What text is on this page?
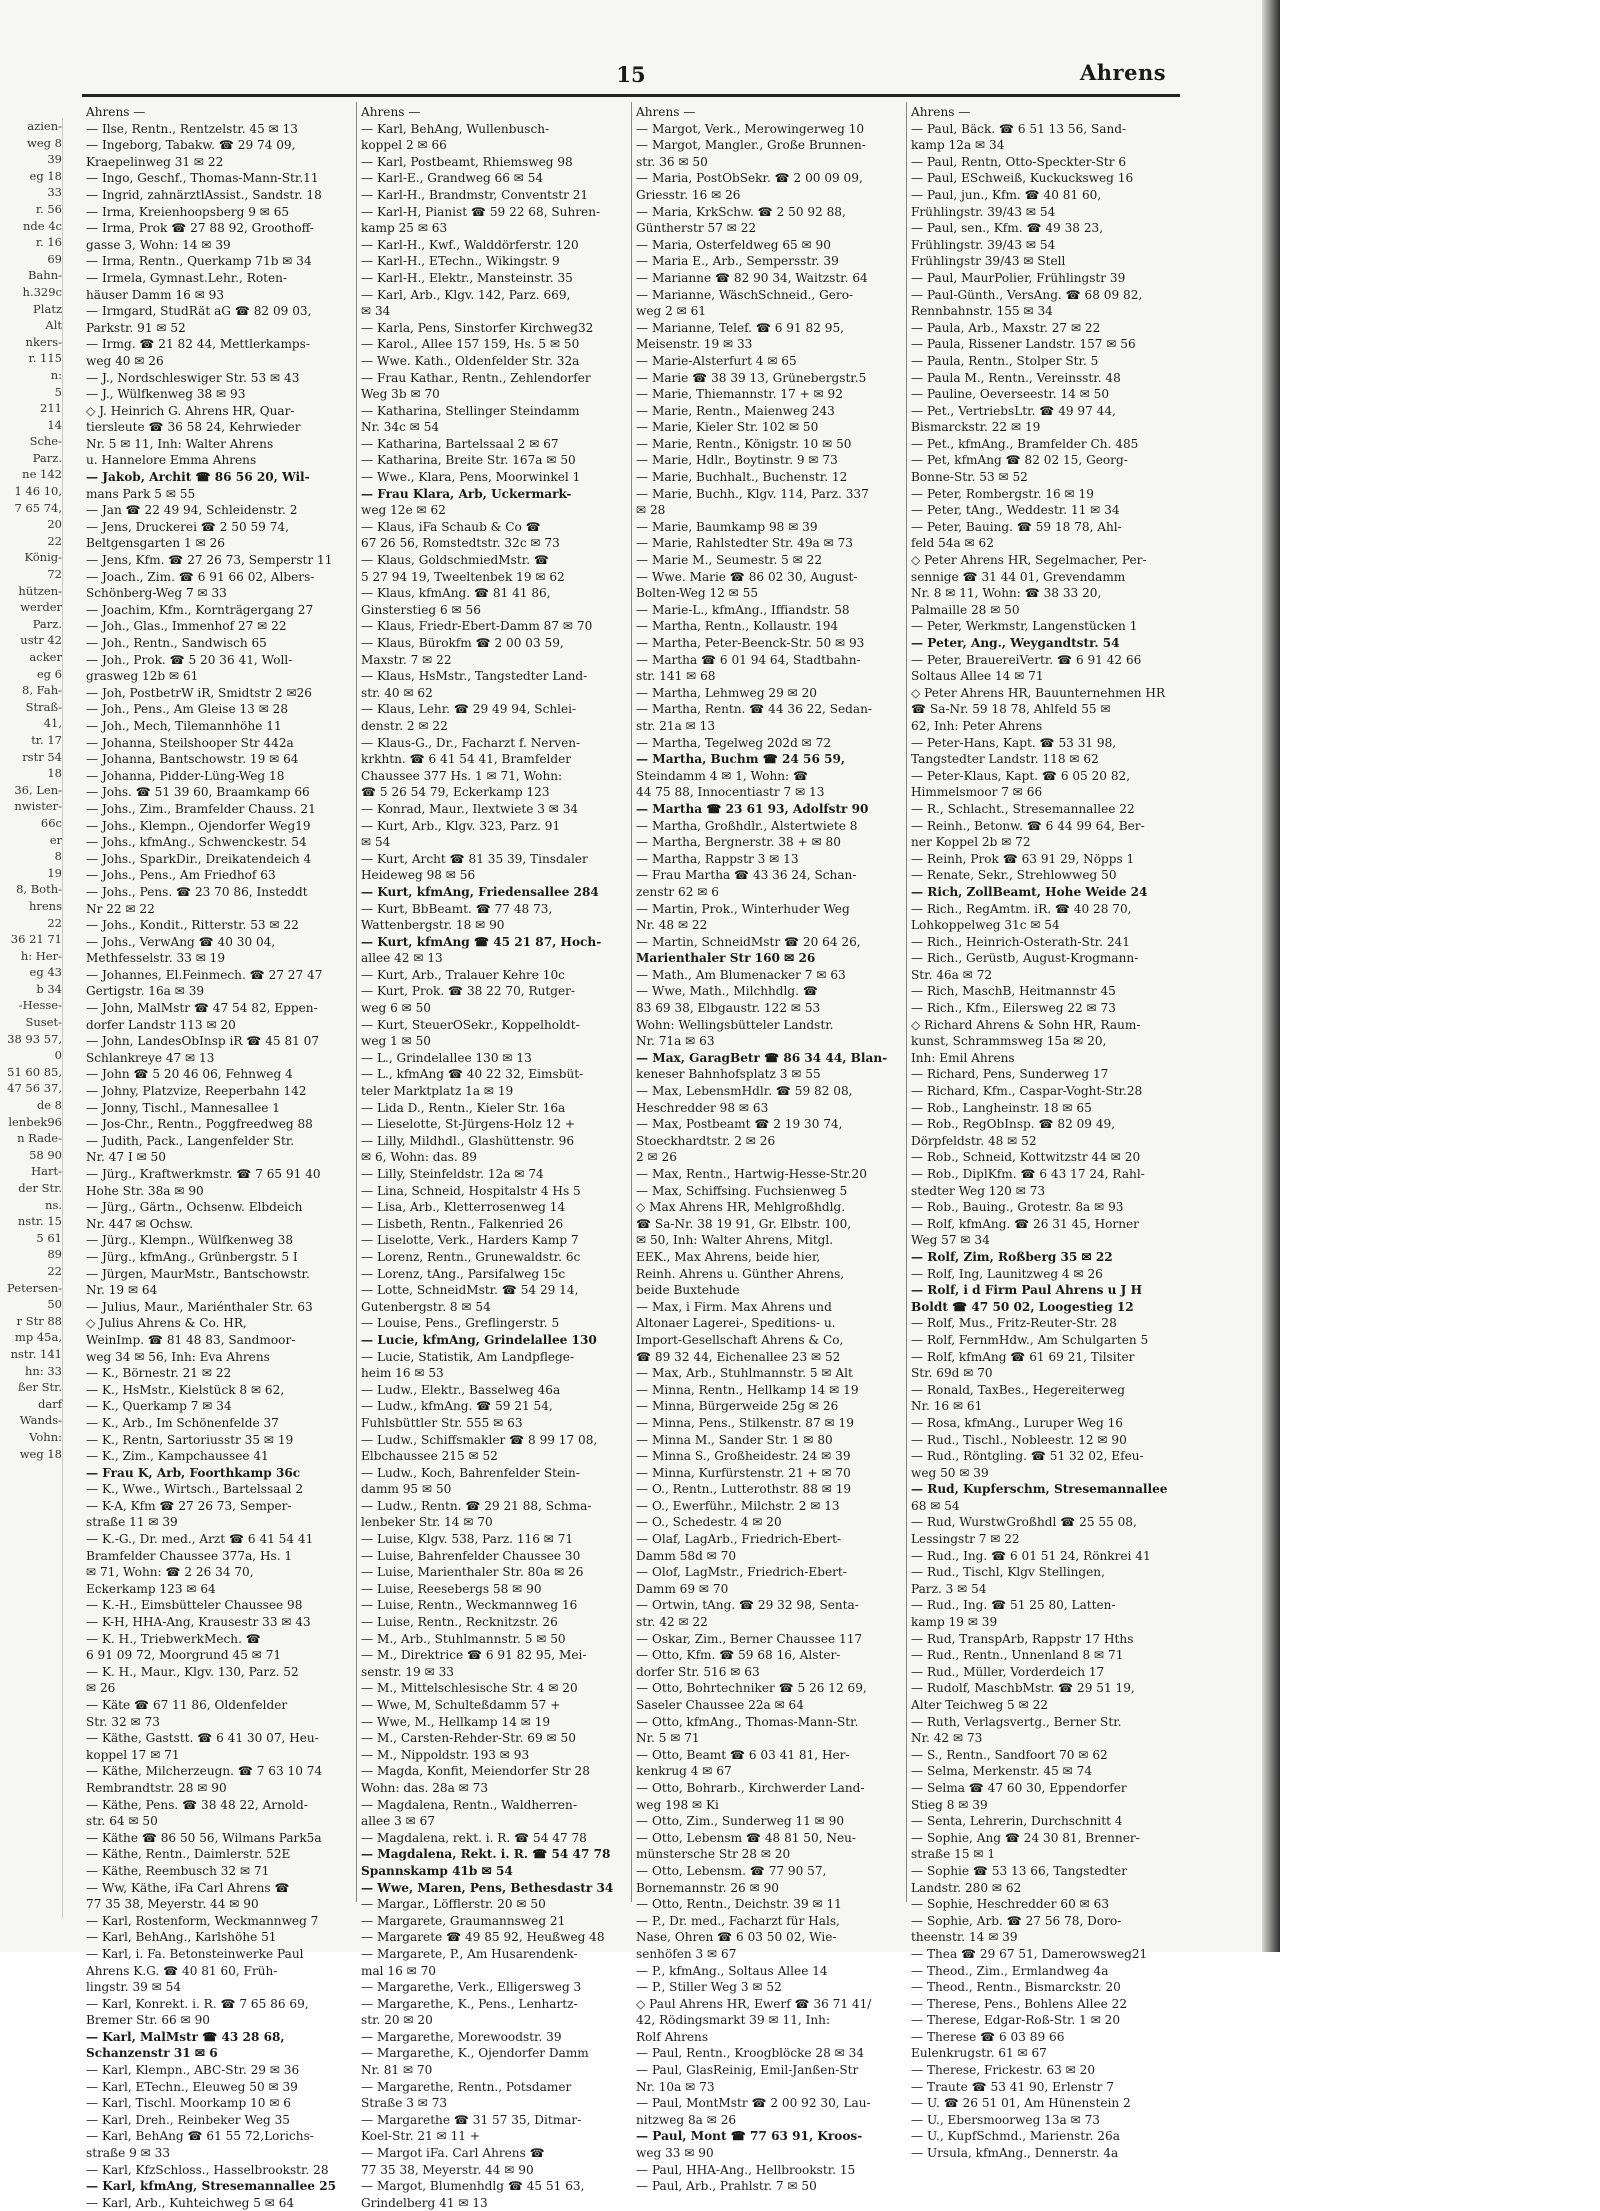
azien-
weg 8
39
eg 18
33
r. 56
nde 4c
r. 16
69
Bahn-
h.329c
Platz
Alt
nkers-
r. 115
n:
5
211
14
Sche-
Parz.
ne 142
1 46 10,
7 65 74,
20
22
König-
72
hützen-
werder
Parz.
ustr 42
acker
eg 6
8, Fah-
Straß-
41,
tr. 17
rstr 54
18
36, Len-
nwister-
66c
er
8
19
8, Both-
hrens
22
36 21 71
h: Her-
eg 43
b 34
-Hesse-
Suset-
38 93 57,
0
51 60 85,
47 56 37,
de 8
lenbek96
n Rade-
58 90
Hart-
der Str.
ns.
nstr. 15
5 61
89
22
Petersen-
50
r Str 88
mp 45a,
nstr. 141
hn: 33
ßer Str.
darf
Wands-
Vohn:
weg 18
15	Ahrens
Ahrens —
— Ilse, Rentn., Rentzelstr. 45 ✉ 13
— Ingeborg, Tabakw. ☎ 29 74 09,
Kraepelinweg 31 ✉ 22
— Ingo, Geschf., Thomas-Mann-Str.11
— Ingrid, zahnärztlAssist., Sandstr. 18
— Irma, Kreienhoopsberg 9 ✉ 65
— Irma, Prok ☎ 27 88 92, Groothoff-
gasse 3, Wohn: 14 ✉ 39
— Irma, Rentn., Querkamp 71b ✉ 34
— Irmela, Gymnast.Lehr., Roten-
häuser Damm 16 ✉ 93
— Irmgard, StudRät aG ☎ 82 09 03,
Parkstr. 91 ✉ 52
— Irmg. ☎ 21 82 44, Mettlerkamps-
weg 40 ✉ 26
— J., Nordschleswiger Str. 53 ✉ 43
— J., Wülfkenweg 38 ✉ 93
◇ J. Heinrich G. Ahrens HR, Quar-
tiersleute ☎ 36 58 24, Kehrwieder
Nr. 5 ✉ 11, Inh: Walter Ahrens
u. Hannelore Emma Ahrens
— Jakob, Archit ☎ 86 56 20, Wil-
mans Park 5 ✉ 55
— Jan ☎ 22 49 94, Schleidenstr. 2
— Jens, Druckerei ☎ 2 50 59 74,
Beltgensgarten 1 ✉ 26
— Jens, Kfm. ☎ 27 26 73, Semperstr 11
— Joach., Zim. ☎ 6 91 66 02, Albers-
Schönberg-Weg 7 ✉ 33
— Joachim, Kfm., Kornträgergang 27
— Joh., Glas., Immenhof 27 ✉ 22
— Joh., Rentn., Sandwisch 65
— Joh., Prok. ☎ 5 20 36 41, Woll-
grasweg 12b ✉ 61
— Joh, PostbetrW iR, Smidtstr 2 ✉26
— Joh., Pens., Am Gleise 13 ✉ 28
— Joh., Mech, Tilemannhöhe 11
— Johanna, Steilshooper Str 442a
— Johanna, Bantschowstr. 19 ✉ 64
— Johanna, Pidder-Lüng-Weg 18
— Johs. ☎ 51 39 60, Braamkamp 66
— Johs., Zim., Bramfelder Chauss. 21
— Johs., Klempn., Ojendorfer Weg19
— Johs., kfmAng., Schwenckestr. 54
— Johs., SparkDir., Dreikatendeich 4
— Johs., Pens., Am Friedhof 63
— Johs., Pens. ☎ 23 70 86, Insteddt
Nr 22 ✉ 22
— Johs., Kondit., Ritterstr. 53 ✉ 22
— Johs., VerwAng ☎ 40 30 04,
Methfesselstr. 33 ✉ 19
— Johannes, El.Feinmech. ☎ 27 27 47
Gertigstr. 16a ✉ 39
— John, MalMstr ☎ 47 54 82, Eppen-
dorfer Landstr 113 ✉ 20
— John, LandesObInsp iR ☎ 45 81 07
Schlankreye 47 ✉ 13
— John ☎ 5 20 46 06, Fehnweg 4
— Johny, Platzvize, Reeperbahn 142
— Jonny, Tischl., Mannesallee 1
— Jos-Chr., Rentn., Poggfreedweg 88
— Judith, Pack., Langenfelder Str.
Nr. 47 I ✉ 50
— Jürg., Kraftwerkmstr. ☎ 7 65 91 40
Hohe Str. 38a ✉ 90
— Jürg., Gärtn., Ochsenw. Elbdeich
Nr. 447 ✉ Ochsw.
— Jürg., Klempn., Wülfkenweg 38
— Jürg., kfmAng., Grünbergstr. 5 I
— Jürgen, MaurMstr., Bantschowstr.
Nr. 19 ✉ 64
— Julius, Maur., Mariénthaler Str. 63
◇ Julius Ahrens & Co. HR,
WeinImp. ☎ 81 48 83, Sandmoor-
weg 34 ✉ 56, Inh: Eva Ahrens
— K., Börnestr. 21 ✉ 22
— K., HsMstr., Kielstück 8 ✉ 62,
— K., Querkamp 7 ✉ 34
— K., Arb., Im Schönenfelde 37
— K., Rentn, Sartoriusstr 35 ✉ 19
— K., Zim., Kampchaussee 41
— Frau K, Arb, Foorthkamp 36c
— K., Wwe., Wirtsch., Bartelssaal 2
— K-A, Kfm ☎ 27 26 73, Semper-
straße 11 ✉ 39
— K.-G., Dr. med., Arzt ☎ 6 41 54 41
Bramfelder Chaussee 377a, Hs. 1
✉ 71, Wohn: ☎ 2 26 34 70,
Eckerkamp 123 ✉ 64
— K.-H., Eimsbütteler Chaussee 98
— K-H, HHA-Ang, Krausestr 33 ✉ 43
— K. H., TriebwerkMech. ☎
6 91 09 72, Moorgrund 45 ✉ 71
— K. H., Maur., Klgv. 130, Parz. 52
✉ 26
— Käte ☎ 67 11 86, Oldenfelder
Str. 32 ✉ 73
— Käthe, Gaststt. ☎ 6 41 30 07, Heu-
koppel 17 ✉ 71
— Käthe, Milcherzeugn. ☎ 7 63 10 74
Rembrandtstr. 28 ✉ 90
— Käthe, Pens. ☎ 38 48 22, Arnold-
str. 64 ✉ 50
— Käthe ☎ 86 50 56, Wilmans Park5a
— Käthe, Rentn., Daimlerstr. 52E
— Käthe, Reembusch 32 ✉ 71
— Ww, Käthe, iFa Carl Ahrens ☎
77 35 38, Meyerstr. 44 ✉ 90
— Karl, Rostenform, Weckmannweg 7
— Karl, BehAng., Karlshöhe 51
— Karl, i. Fa. Betonsteinwerke Paul
Ahrens K.G. ☎ 40 81 60, Früh-
lingstr. 39 ✉ 54
— Karl, Konrekt. i. R. ☎ 7 65 86 69,
Bremer Str. 66 ✉ 90
— Karl, MalMstr ☎ 43 28 68,
Schanzenstr 31 ✉ 6
— Karl, Klempn., ABC-Str. 29 ✉ 36
— Karl, ETechn., Eleuweg 50 ✉ 39
— Karl, Tischl. Moorkamp 10 ✉ 6
— Karl, Dreh., Reinbeker Weg 35
— Karl, BehAng ☎ 61 55 72,Lorichs-
straße 9 ✉ 33
— Karl, KfzSchloss., Hasselbrookstr. 28
— Karl, kfmAng, Stresemannallee 25
— Karl, Arb., Kuhteichweg 5 ✉ 64
Ahrens —
— Karl, BehAng, Wullenbusch-
koppel 2 ✉ 66
— Karl, Postbeamt, Rhiemsweg 98
— Karl-E., Grandweg 66 ✉ 54
— Karl-H., Brandmstr, Conventstr 21
— Karl-H, Pianist ☎ 59 22 68, Suhren-
kamp 25 ✉ 63
— Karl-H., Kwf., Walddörferstr. 120
— Karl-H., ETechn., Wikingstr. 9
— Karl-H., Elektr., Mansteinstr. 35
— Karl, Arb., Klgv. 142, Parz. 669,
✉ 34
— Karla, Pens, Sinstorfer Kirchweg32
— Karol., Allee 157 159, Hs. 5 ✉ 50
— Wwe. Kath., Oldenfelder Str. 32a
— Frau Kathar., Rentn., Zehlendorfer
Weg 3b ✉ 70
— Katharina, Stellinger Steindamm
Nr. 34c ✉ 54
— Katharina, Bartelssaal 2 ✉ 67
— Katharina, Breite Str. 167a ✉ 50
— Wwe., Klara, Pens, Moorwinkel 1
— Frau Klara, Arb, Uckermark-
weg 12e ✉ 62
— Klaus, iFa Schaub & Co ☎
67 26 56, Romstedtstr. 32c ✉ 73
— Klaus, GoldschmiedMstr. ☎
5 27 94 19, Tweeltenbek 19 ✉ 62
— Klaus, kfmAng. ☎ 81 41 86,
Ginsterstieg 6 ✉ 56
— Klaus, Friedr-Ebert-Damm 87 ✉ 70
— Klaus, Bürokfm ☎ 2 00 03 59,
Maxstr. 7 ✉ 22
— Klaus, HsMstr., Tangstedter Land-
str. 40 ✉ 62
— Klaus, Lehr. ☎ 29 49 94, Schlei-
denstr. 2 ✉ 22
— Klaus-G., Dr., Facharzt f. Nerven-
krkhtn. ☎ 6 41 54 41, Bramfelder
Chaussee 377 Hs. 1 ✉ 71, Wohn:
☎ 5 26 54 79, Eckerkamp 123
— Konrad, Maur., Ilextwiete 3 ✉ 34
— Kurt, Arb., Klgv. 323, Parz. 91
✉ 54
— Kurt, Archt ☎ 81 35 39, Tinsdaler
Heideweg 98 ✉ 56
— Kurt, kfmAng, Friedensallee 284
— Kurt, BbBeamt. ☎ 77 48 73,
Wattenbergstr. 18 ✉ 90
— Kurt, kfmAng ☎ 45 21 87, Hoch-
allee 42 ✉ 13
— Kurt, Arb., Tralauer Kehre 10c
— Kurt, Prok. ☎ 38 22 70, Rutger-
weg 6 ✉ 50
— Kurt, SteuerOSekr., Koppelholdt-
weg 1 ✉ 50
— L., Grindelallee 130 ✉ 13
— L., kfmAng ☎ 40 22 32, Eimsbüt-
teler Marktplatz 1a ✉ 19
— Lida D., Rentn., Kieler Str. 16a
— Lieselotte, St-Jürgens-Holz 12 +
— Lilly, Mildhdl., Glashüttenstr. 96
✉ 6, Wohn: das. 89
— Lilly, Steinfeldstr. 12a ✉ 74
— Lina, Schneid, Hospitalstr 4 Hs 5
— Lisa, Arb., Kletterrosenweg 14
— Lisbeth, Rentn., Falkenried 26
— Liselotte, Verk., Harders Kamp 7
— Lorenz, Rentn., Grunewaldstr. 6c
— Lorenz, tAng., Parsifalweg 15c
— Lotte, SchneidMstr. ☎ 54 29 14,
Gutenbergstr. 8 ✉ 54
— Louise, Pens., Greflingerstr. 5
— Lucie, kfmAng, Grindelallee 130
— Lucie, Statistik, Am Landpflege-
heim 16 ✉ 53
— Ludw., Elektr., Basselweg 46a
— Ludw., kfmAng. ☎ 59 21 54,
Fuhlsbüttler Str. 555 ✉ 63
— Ludw., Schiffsmakler ☎ 8 99 17 08,
Elbchaussee 215 ✉ 52
— Ludw., Koch, Bahrenfelder Stein-
damm 95 ✉ 50
— Ludw., Rentn. ☎ 29 21 88, Schma-
lenbeker Str. 14 ✉ 70
— Luise, Klgv. 538, Parz. 116 ✉ 71
— Luise, Bahrenfelder Chaussee 30
— Luise, Marienthaler Str. 80a ✉ 26
— Luise, Reesebergs 58 ✉ 90
— Luise, Rentn., Weckmannweg 16
— Luise, Rentn., Recknitzstr. 26
— M., Arb., Stuhlmannstr. 5 ✉ 50
— M., Direktrice ☎ 6 91 82 95, Mei-
senstr. 19 ✉ 33
— M., Mittelschlesische Str. 4 ✉ 20
— Wwe, M, Schulteßdamm 57 +
— Wwe, M., Hellkamp 14 ✉ 19
— M., Carsten-Rehder-Str. 69 ✉ 50
— M., Nippoldstr. 193 ✉ 93
— Magda, Konfit, Meiendorfer Str 28
Wohn: das. 28a ✉ 73
— Magdalena, Rentn., Waldherren-
allee 3 ✉ 67
— Magdalena, rekt. i. R. ☎ 54 47 78
— Magdalena, Rekt. i. R. ☎ 54 47 78
Spannskamp 41b ✉ 54
— Wwe, Maren, Pens, Bethesdastr 34
— Margar., Löfflerstr. 20 ✉ 50
— Margarete, Graumannsweg 21
— Margarete ☎ 49 85 92, Heußweg 48
— Margarete, P., Am Husarendenk-
mal 16 ✉ 70
— Margarethe, Verk., Elligersweg 3
— Margarethe, K., Pens., Lenhartz-
str. 20 ✉ 20
— Margarethe, Morewoodstr. 39
— Margarethe, K., Ojendorfer Damm
Nr. 81 ✉ 70
— Margarethe, Rentn., Potsdamer
Straße 3 ✉ 73
— Margarethe ☎ 31 57 35, Ditmar-
Koel-Str. 21 ✉ 11 +
— Margot iFa. Carl Ahrens ☎
77 35 38, Meyerstr. 44 ✉ 90
— Margot, Blumenhdlg ☎ 45 51 63,
Grindelberg 41 ✉ 13
Ahrens —
— Margot, Verk., Merowingerweg 10
— Margot, Mangler., Große Brunnen-
str. 36 ✉ 50
— Maria, PostObSekr. ☎ 2 00 09 09,
Griesstr. 16 ✉ 26
— Maria, KrkSchw. ☎ 2 50 92 88,
Güntherstr 57 ✉ 22
— Maria, Osterfeldweg 65 ✉ 90
— Maria E., Arb., Sempersstr. 39
— Marianne ☎ 82 90 34, Waitzstr. 64
— Marianne, WäschSchneid., Gero-
weg 2 ✉ 61
— Marianne, Telef. ☎ 6 91 82 95,
Meisenstr. 19 ✉ 33
— Marie-Alsterfurt 4 ✉ 65
— Marie ☎ 38 39 13, Grünebergstr.5
— Marie, Thiemannstr. 17 + ✉ 92
— Marie, Rentn., Maienweg 243
— Marie, Kieler Str. 102 ✉ 50
— Marie, Rentn., Königstr. 10 ✉ 50
— Marie, Hdlr., Boytinstr. 9 ✉ 73
— Marie, Buchhalt., Buchenstr. 12
— Marie, Buchh., Klgv. 114, Parz. 337
✉ 28
— Marie, Baumkamp 98 ✉ 39
— Marie, Rahlstedter Str. 49a ✉ 73
— Marie M., Seumestr. 5 ✉ 22
— Wwe. Marie ☎ 86 02 30, August-
Bolten-Weg 12 ✉ 55
— Marie-L., kfmAng., Iffiandstr. 58
— Martha, Rentn., Kollaustr. 194
— Martha, Peter-Beenck-Str. 50 ✉ 93
— Martha ☎ 6 01 94 64, Stadtbahn-
str. 141 ✉ 68
— Martha, Lehmweg 29 ✉ 20
— Martha, Rentn. ☎ 44 36 22, Sedan-
str. 21a ✉ 13
— Martha, Tegelweg 202d ✉ 72
— Martha, Buchm ☎ 24 56 59,
Steindamm 4 ✉ 1, Wohn: ☎
44 75 88, Innocentiastr 7 ✉ 13
— Martha ☎ 23 61 93, Adolfstr 90
— Martha, Großhdlr., Alstertwiete 8
— Martha, Bergnerstr. 38 + ✉ 80
— Martha, Rappstr 3 ✉ 13
— Frau Martha ☎ 43 36 24, Schan-
zenstr 62 ✉ 6
— Martin, Prok., Winterhuder Weg
Nr. 48 ✉ 22
— Martin, SchneidMstr ☎ 20 64 26,
Marienthaler Str 160 ✉ 26
— Math., Am Blumenacker 7 ✉ 63
— Wwe, Math., Milchhdlg. ☎
83 69 38, Elbgaustr. 122 ✉ 53
Wohn: Wellingsbütteler Landstr.
Nr. 71a ✉ 63
— Max, GaragBetr ☎ 86 34 44, Blan-
keneser Bahnhofsplatz 3 ✉ 55
— Max, LebensmHdlr. ☎ 59 82 08,
Heschredder 98 ✉ 63
— Max, Postbeamt ☎ 2 19 30 74,
Stoeckhardtstr. 2 ✉ 26
2 ✉ 26
— Max, Rentn., Hartwig-Hesse-Str.20
— Max, Schiffsing. Fuchsienweg 5
◇ Max Ahrens HR, Mehlgroßhdlg.
☎ Sa-Nr. 38 19 91, Gr. Elbstr. 100,
✉ 50, Inh: Walter Ahrens, Mitgl.
EEK., Max Ahrens, beide hier,
Reinh. Ahrens u. Günther Ahrens,
beide Buxtehude
— Max, i Firm. Max Ahrens und
Altonaer Lagerei-, Speditions- u.
Import-Gesellschaft Ahrens & Co,
☎ 89 32 44, Eichenallee 23 ✉ 52
— Max, Arb., Stuhlmannstr. 5 ✉ Alt
— Minna, Rentn., Hellkamp 14 ✉ 19
— Minna, Bürgerweide 25g ✉ 26
— Minna, Pens., Stilkenstr. 87 ✉ 19
— Minna M., Sander Str. 1 ✉ 80
— Minna S., Großheidestr. 24 ✉ 39
— Minna, Kurfürstenstr. 21 + ✉ 70
— O., Rentn., Lutterothstr. 88 ✉ 19
— O., Ewerführ., Milchstr. 2 ✉ 13
— O., Schedestr. 4 ✉ 20
— Olaf, LagArb., Friedrich-Ebert-
Damm 58d ✉ 70
— Olof, LagMstr., Friedrich-Ebert-
Damm 69 ✉ 70
— Ortwin, tAng. ☎ 29 32 98, Senta-
str. 42 ✉ 22
— Oskar, Zim., Berner Chaussee 117
— Otto, Kfm. ☎ 59 68 16, Alster-
dorfer Str. 516 ✉ 63
— Otto, Bohrtechniker ☎ 5 26 12 69,
Saseler Chaussee 22a ✉ 64
— Otto, kfmAng., Thomas-Mann-Str.
Nr. 5 ✉ 71
— Otto, Beamt ☎ 6 03 41 81, Her-
kenkrug 4 ✉ 67
— Otto, Bohrarb., Kirchwerder Land-
weg 198 ✉ Ki
— Otto, Zim., Sunderweg 11 ✉ 90
— Otto, Lebensm ☎ 48 81 50, Neu-
münstersche Str 28 ✉ 20
— Otto, Lebensm. ☎ 77 90 57,
Bornemannstr. 26 ✉ 90
— Otto, Rentn., Deichstr. 39 ✉ 11
— P., Dr. med., Facharzt für Hals,
Nase, Ohren ☎ 6 03 50 02, Wie-
senhöfen 3 ✉ 67
— P., kfmAng., Soltaus Allee 14
— P., Stiller Weg 3 ✉ 52
◇ Paul Ahrens HR, Ewerf ☎ 36 71 41/
42, Rödingsmarkt 39 ✉ 11, Inh:
Rolf Ahrens
— Paul, Rentn., Kroogblöcke 28 ✉ 34
— Paul, GlasReinig, Emil-Janßen-Str
Nr. 10a ✉ 73
— Paul, MontMstr ☎ 2 00 92 30, Lau-
nitzweg 8a ✉ 26
— Paul, Mont ☎ 77 63 91, Kroos-
weg 33 ✉ 90
— Paul, HHA-Ang., Hellbrookstr. 15
— Paul, Arb., Prahlstr. 7 ✉ 50
Ahrens —
— Paul, Bäck. ☎ 6 51 13 56, Sand-
kamp 12a ✉ 34
— Paul, Rentn, Otto-Speckter-Str 6
— Paul, ESchweiß, Kuckucksweg 16
— Paul, jun., Kfm. ☎ 40 81 60,
Frühlingstr. 39/43 ✉ 54
— Paul, sen., Kfm. ☎ 49 38 23,
Frühlingstr. 39/43 ✉ 54
Frühlingstr 39/43 ✉ Stell
— Paul, MaurPolier, Frühlingstr 39
— Paul-Günth., VersAng. ☎ 68 09 82,
Rennbahnstr. 155 ✉ 34
— Paula, Arb., Maxstr. 27 ✉ 22
— Paula, Rissener Landstr. 157 ✉ 56
— Paula, Rentn., Stolper Str. 5
— Paula M., Rentn., Vereinsstr. 48
— Pauline, Oeverseestr. 14 ✉ 50
— Pet., VertriebsLtr. ☎ 49 97 44,
Bismarckstr. 22 ✉ 19
— Pet., kfmAng., Bramfelder Ch. 485
— Pet, kfmAng ☎ 82 02 15, Georg-
Bonne-Str. 53 ✉ 52
— Peter, Rombergstr. 16 ✉ 19
— Peter, tAng., Weddestr. 11 ✉ 34
— Peter, Bauing. ☎ 59 18 78, Ahl-
feld 54a ✉ 62
◇ Peter Ahrens HR, Segelmacher, Per-
sennige ☎ 31 44 01, Grevendamm
Nr. 8 ✉ 11, Wohn: ☎ 38 33 20,
Palmaille 28 ✉ 50
— Peter, Werkmstr, Langenstücken 1
— Peter, Ang., Weygandtstr. 54
— Peter, BrauereiVertr. ☎ 6 91 42 66
Soltaus Allee 14 ✉ 71
◇ Peter Ahrens HR, Bauunternehmen HR
☎ Sa-Nr. 59 18 78, Ahlfeld 55 ✉
62, Inh: Peter Ahrens
— Peter-Hans, Kapt. ☎ 53 31 98,
Tangstedter Landstr. 118 ✉ 62
— Peter-Klaus, Kapt. ☎ 6 05 20 82,
Himmelsmoor 7 ✉ 66
— R., Schlacht., Stresemannallee 22
— Reinh., Betonw. ☎ 6 44 99 64, Ber-
ner Koppel 2b ✉ 72
— Reinh, Prok ☎ 63 91 29, Nöpps 1
— Renate, Sekr., Strehlowweg 50
— Rich, ZollBeamt, Hohe Weide 24
— Rich., RegAmtm. iR. ☎ 40 28 70,
Lohkoppelweg 31c ✉ 54
— Rich., Heinrich-Osterath-Str. 241
— Rich., Gerüstb, August-Krogmann-
Str. 46a ✉ 72
— Rich, MaschB, Heitmannstr 45
— Rich., Kfm., Eilersweg 22 ✉ 73
◇ Richard Ahrens & Sohn HR, Raum-
kunst, Schrammsweg 15a ✉ 20,
Inh: Emil Ahrens
— Richard, Pens, Sunderweg 17
— Richard, Kfm., Caspar-Voght-Str.28
— Rob., Langheinstr. 18 ✉ 65
— Rob., RegObInsp. ☎ 82 09 49,
Dörpfeldstr. 48 ✉ 52
— Rob., Schneid, Kottwitzstr 44 ✉ 20
— Rob., DiplKfm. ☎ 6 43 17 24, Rahl-
stedter Weg 120 ✉ 73
— Rob., Bauing., Grotestr. 8a ✉ 93
— Rolf, kfmAng. ☎ 26 31 45, Horner
Weg 57 ✉ 34
— Rolf, Zim, Roßberg 35 ✉ 22
— Rolf, Ing, Launitzweg 4 ✉ 26
— Rolf, i d Firm Paul Ahrens u J H
Boldt ☎ 47 50 02, Loogestieg 12
— Rolf, Mus., Fritz-Reuter-Str. 28
— Rolf, FernmHdw., Am Schulgarten 5
— Rolf, kfmAng ☎ 61 69 21, Tilsiter
Str. 69d ✉ 70
— Ronald, TaxBes., Hegereiterweg
Nr. 16 ✉ 61
— Rosa, kfmAng., Luruper Weg 16
— Rud., Tischl., Nobleestr. 12 ✉ 90
— Rud., Röntgling. ☎ 51 32 02, Efeu-
weg 50 ✉ 39
— Rud, Kupferschm, Stresemannallee
68 ✉ 54
— Rud, WurstwGroßhdl ☎ 25 55 08,
Lessingstr 7 ✉ 22
— Rud., Ing. ☎ 6 01 51 24, Rönkrei 41
— Rud., Tischl, Klgv Stellingen,
Parz. 3 ✉ 54
— Rud., Ing. ☎ 51 25 80, Latten-
kamp 19 ✉ 39
— Rud, TranspArb, Rappstr 17 Hths
— Rud., Rentn., Unnenland 8 ✉ 71
— Rud., Müller, Vorderdeich 17
— Rudolf, MaschbMstr. ☎ 29 51 19,
Alter Teichweg 5 ✉ 22
— Ruth, Verlagsvertg., Berner Str.
Nr. 42 ✉ 73
— S., Rentn., Sandfoort 70 ✉ 62
— Selma, Merkenstr. 45 ✉ 74
— Selma ☎ 47 60 30, Eppendorfer
Stieg 8 ✉ 39
— Senta, Lehrerin, Durchschnitt 4
— Sophie, Ang ☎ 24 30 81, Brenner-
straße 15 ✉ 1
— Sophie ☎ 53 13 66, Tangstedter
Landstr. 280 ✉ 62
— Sophie, Heschredder 60 ✉ 63
— Sophie, Arb. ☎ 27 56 78, Doro-
theenstr. 14 ✉ 39
— Thea ☎ 29 67 51, Damerowsweg21
— Theod., Zim., Ermlandweg 4a
— Theod., Rentn., Bismarckstr. 20
— Therese, Pens., Bohlens Allee 22
— Therese, Edgar-Roß-Str. 1 ✉ 20
— Therese ☎ 6 03 89 66
Eulenkrugstr. 61 ✉ 67
— Therese, Frickestr. 63 ✉ 20
— Traute ☎ 53 41 90, Erlenstr 7
— U. ☎ 26 51 01, Am Hünenstein 2
— U., Ebersmoorweg 13a ✉ 73
— U., KupfSchmd., Marienstr. 26a
— Ursula, kfmAng., Dennerstr. 4a
